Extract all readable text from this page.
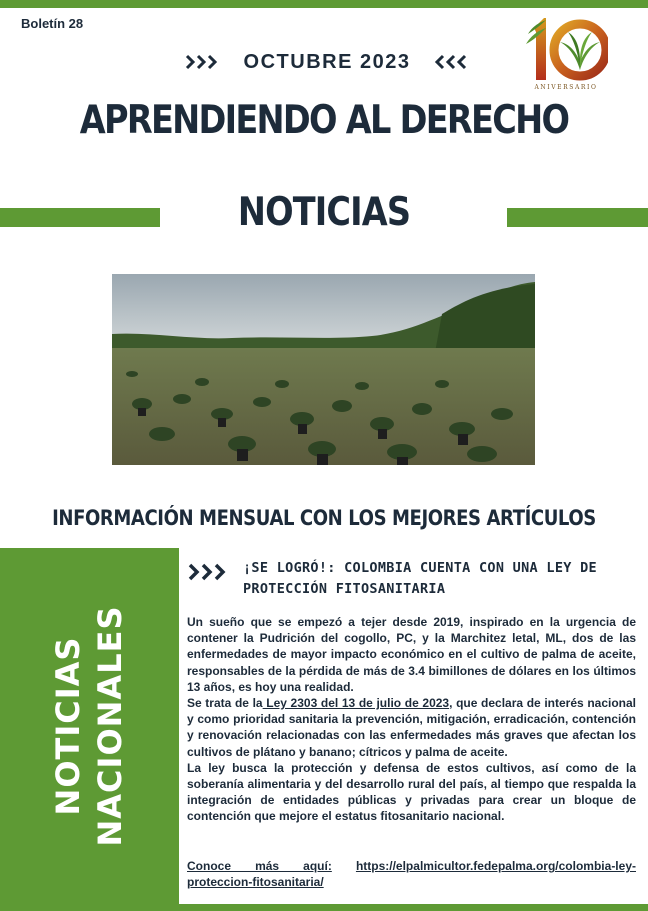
Boletín 28
OCTUBRE 2023
ANIVERSARIO
APRENDIENDO AL DERECHO
NOTICIAS
INFORMACIÓN MENSUAL CON LOS MEJORES ARTÍCULOS
NOTICIAS NACIONALES
¡SE LOGRÓ!: COLOMBIA CUENTA CON UNA LEY DE PROTECCIÓN FITOSANITARIA

Un sueño que se empezó a tejer desde 2019, inspirado en la urgencia de contener la Pudrición del cogollo, PC, y la Marchitez letal, ML, dos de las enfermedades de mayor impacto económico en el cultivo de palma de aceite, responsables de la pérdida de más de 3.4 bimillones de dólares en los últimos 13 años, es hoy una realidad.

Se trata de la Ley 2303 del 13 de julio de 2023, que declara de interés nacional y como prioridad sanitaria la prevención, mitigación, erradicación, contención y renovación relacionadas con las enfermedades más graves que afectan los cultivos de plátano y banano; cítricos y palma de aceite.

La ley busca la protección y defensa de estos cultivos, así como de la soberanía alimentaria y del desarrollo rural del país, al tiempo que respalda la integración de entidades públicas y privadas para crear un bloque de contención que mejore el estatus fitosanitario nacional.

Conoce más aquí: https://elpalmicultor.fedepalma.org/colombia-ley-proteccion-fitosanitaria/
